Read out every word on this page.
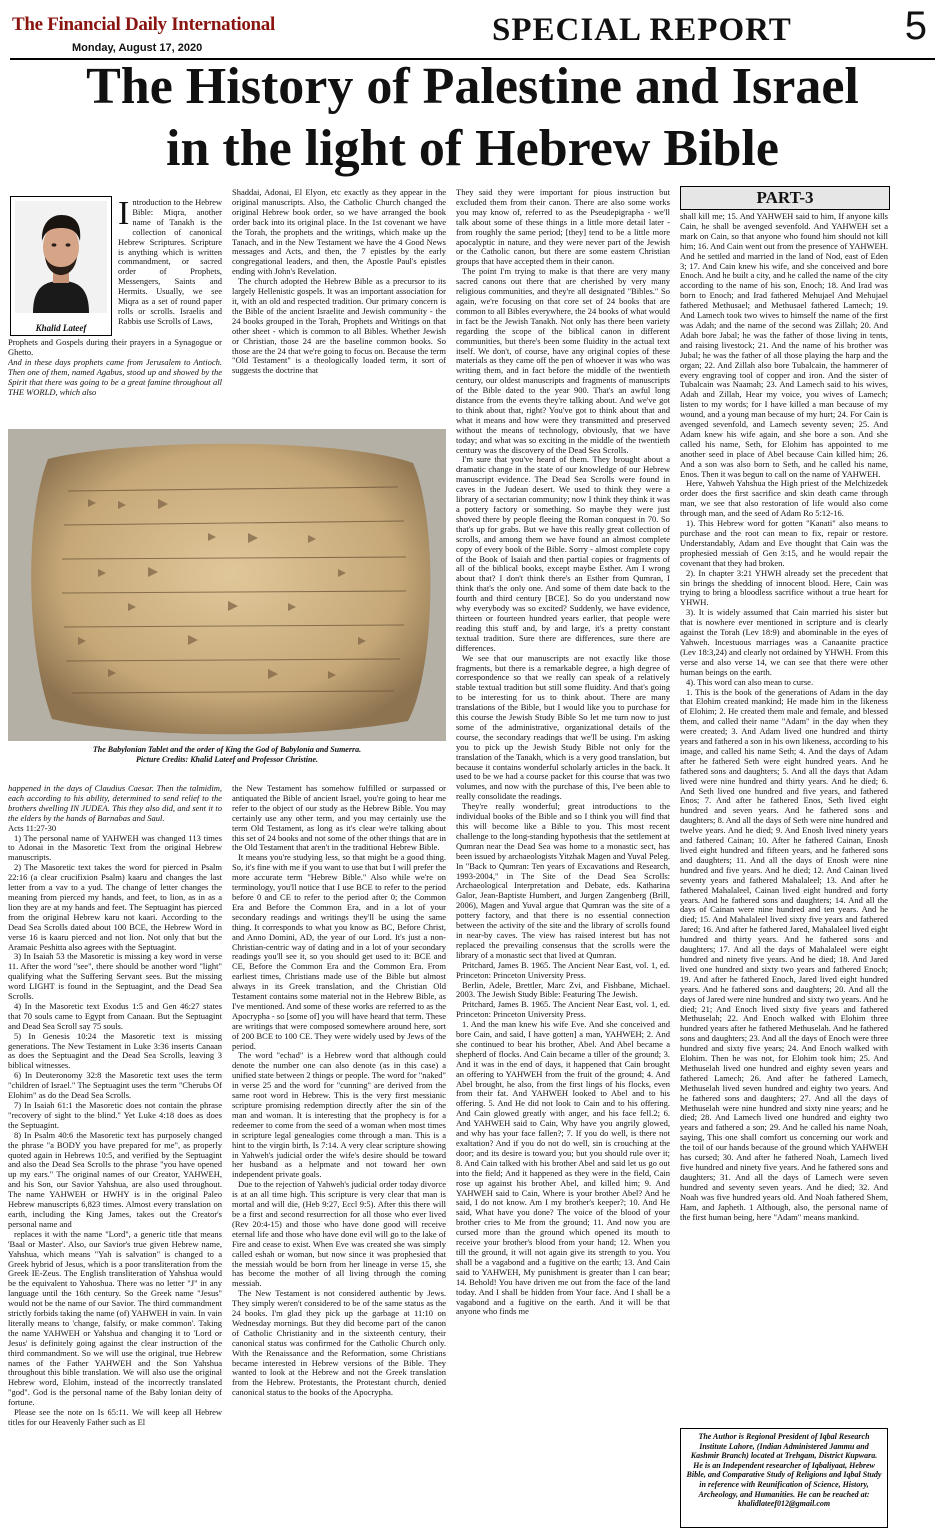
The Financial Daily International
Monday, August 17, 2020	SPECIAL REPORT	5
The History of Palestine and Israel
in the light of Hebrew Bible
Khalid Lateef
Introduction to the Hebrew Bible: Miqra, another name of Tanakh is the collection of canonical Hebrew Scriptures. Scripture is anything which is written commandment, or sacred order of Prophets, Messengers, Saints and Hermits. Usually, we see Miqra as a set of round paper rolls or scrolls. Israelis and Rabbis use Scrolls of Laws,

Prophets and Gospels during their prayers in a Synagogue or Ghetto.

And in these days prophets came from Jerusalem to Antioch. Then one of them, named Agabus, stood up and showed by the Spirit that there was going to be a great famine throughout all THE WORLD, which also

Shaddai, Adonai, El Elyon, etc exactly as they appear in the original manuscripts. Also, the Catholic Church changed the original Hebrew book order, so we have arranged the book order back into its original place. In the 1st covenant we have the Torah, the prophets and the writings, which make up the Tanach, and in the New Testament we have the 4 Good News messages and Acts, and then, the 7 epistles by the early congregational leaders, and then, the Apostle Paul's epistles ending with John's Revelation.

The church adopted the Hebrew Bible as a precursor to its largely Hellenistic gospels. It was an important association for it, with an old and respected tradition. Our primary concern is the Bible of the ancient Israelite and Jewish community - the 24 books grouped in the Torah, Prophets and Writings on that other sheet - which is common to all Bibles. Whether Jewish or Christian, those 24 are the baseline common books. So those are the 24 that we're going to focus on. Because the term "Old Testament" is a theologically loaded term, it sort of suggests the doctrine that

The Babylonian Tablet and the order of King the God of Babylonia and Sumerra.
Picture Credits: Khalid Lateef and Professor Christine.

happened in the days of Claudius Caesar. Then the talmidim, each according to his ability, determined to send relief to the brothers dwelling IN JUDEA. This they also did, and sent it to the elders by the hands of Barnabas and Saul.

Acts 11:27-30

1) The personal name of YAHWEH was changed 113 times to Adonai in the Masoretic Text from the original Hebrew manuscripts.

2) The Masoretic text takes the word for pierced in Psalm 22:16 (a clear crucifixion Psalm) kaaru and changes the last letter from a vav to a yud. The change of letter changes the meaning from pierced my hands, and feet, to lion, as in as a lion they are at my hands and feet. The Septuagint has pierced from the original Hebrew karu not kaari. According to the Dead Sea Scrolls dated about 100 BCE, the Hebrew Word in verse 16 is kaaru pierced and not lion. Not only that but the Aramaic Peshitta also agrees with the Septuagint.

3) In Isaiah 53 the Masoretic is missing a key word in verse 11. After the word "see", there should be another word "light" qualifying what the Suffering Servant sees. But the missing word LIGHT is found in the Septuagint, and the Dead Sea Scrolls.

4) In the Masoretic text Exodus 1:5 and Gen 46:27 states that 70 souls came to Egypt from Canaan. But the Septuagint and Dead Sea Scroll say 75 souls.

5) In Genesis 10:24 the Masoretic text is missing generations. The New Testament in Luke 3:36 inserts Canaan as does the Septuagint and the Dead Sea Scrolls, leaving 3 biblical witnesses.

6) In Deuteronomy 32:8 the Masoretic text uses the term "children of Israel." The Septuagint uses the term "Cherubs Of Elohim" as do the Dead Sea Scrolls.

7) In Isaiah 61:1 the Masoretic does not contain the phrase "recovery of sight to the blind." Yet Luke 4:18 does as does the Septuagint.

8) In Psalm 40:6 the Masoretic text has purposely changed the phrase "a BODY you have prepared for me", as properly quoted again in Hebrews 10:5, and verified by the Septuagint and also the Dead Sea Scrolls to the phrase "you have opened up my ears." The original names of our Creator, YAHWEH, and his Son, our Savior Yahshua, are also used throughout. The name YAHWEH or HWHY is in the original Paleo Hebrew manuscripts 6,823 times. Almost every translation on earth, including the King James, takes out the Creator's personal name and

replaces it with the name "Lord", a generic title that means 'Baal or Master'. Also, our Savior's true given Hebrew name, Yahshua, which means "Yah is salvation" is changed to a Greek hybrid of Jesus, which is a poor transliteration from the Greek IE-Zeus. The English transliteration of Yahshua would be the equivalent to Yahoshua. There was no letter "J" in any language until the 16th century. So the Greek name "Jesus" would not be the name of our Savior. The third commandment strictly forbids taking the name (of) YAHWEH in vain. In vain literally means to 'change, falsify, or make common'. Taking the name YAHWEH or Yahshua and changing it to 'Lord or Jesus' is definitely going against the clear instruction of the third commandment. So we will use the original, true Hebrew names of the Father YAHWEH and the Son Yahshua throughout this bible translation. We will also use the original Hebrew word, Elohim, instead of the incorrectly translated "god". God is the personal name of the Baby lonian deity of fortune.

Please see the note on Is 65:11. We will keep all Hebrew titles for our Heavenly Father such as El

the New Testament has somehow fulfilled or surpassed or antiquated the Bible of ancient Israel, you're going to hear me refer to the object of our study as the Hebrew Bible. You may certainly use any other term, and you may certainly use the term Old Testament, as long as it's clear we're talking about this set of 24 books and not some of the other things that are in the Old Testament that aren't in the traditional Hebrew Bible.

It means you're studying less, so that might be a good thing. So, it's fine with me if you want to use that but I will prefer the more accurate term "Hebrew Bible." Also while we're on terminology, you'll notice that I use BCE to refer to the period before 0 and CE to refer to the period after 0; the Common Era and Before the Common Era, and in a lot of your secondary readings and writings they'll be using the same thing. It corresponds to what you know as BC, Before Christ, and Anno Domini, AD, the year of our Lord. It's just a non-Christian-centric way of dating and in a lot of your secondary readings you'll see it, so you should get used to it: BCE and CE, Before the Common Era and the Common Era. From earliest times, Christians made use of the Bible but almost always in its Greek translation, and the Christian Old Testament contains some material not in the Hebrew Bible, as I've mentioned. And some of these works are referred to as the Apocrypha - so [some of] you will have heard that term. These are writings that were composed somewhere around here, sort of 200 BCE to 100 CE. They were widely used by Jews of the period.

The word "echad" is a Hebrew word that although could denote the number one can also denote (as in this case) a unified state between 2 things or people. The word for "naked" in verse 25 and the word for "cunning" are derived from the same root word in Hebrew. This is the very first messianic scripture promising redemption directly after the sin of the man and woman. It is interesting that the prophecy is for a redeemer to come from the seed of a woman when most times in scripture legal genealogies come through a man. This is a hint to the virgin birth, Is 7:14. A very clear scripture showing in Yahweh's judicial order the wife's desire should be toward her husband as a helpmate and not toward her own independent private goals.

Due to the rejection of Yahweh's judicial order today divorce is at an all time high. This scripture is very clear that man is mortal and will die, (Heb 9:27, Eccl 9:5). After this there will be a first and second resurrection for all those who ever lived (Rev 20:4-15) and those who have done good will receive eternal life and those who have done evil will go to the lake of Fire and cease to exist. When Eve was created she was simply called eshah or woman, but now since it was prophesied that the messiah would be born from her lineage in verse 15, she has become the mother of all living through the coming messiah.

The New Testament is not considered authentic by Jews. They simply weren't considered to be of the same status as the 24 books. I'm glad they pick up the garbage at 11:10 on Wednesday mornings. But they did become part of the canon of Catholic Christianity and in the sixteenth century, their canonical status was confirmed for the Catholic Church only. With the Renaissance and the Reformation, some Christians became interested in Hebrew versions of the Bible. They wanted to look at the Hebrew and not the Greek translation from the Hebrew. Protestants, the Protestant church, denied canonical status to the books of the Apocrypha.

They said they were important for pious instruction but excluded them from their canon. There are also some works you may know of, referred to as the Pseudepigrapha - we'll talk about some of these things in a little more detail later - from roughly the same period; [they] tend to be a little more apocalyptic in nature, and they were never part of the Jewish or the Catholic canon, but there are some eastern Christian groups that have accepted them in their canon.

The point I'm trying to make is that there are very many sacred canons out there that are cherished by very many religious communities, and they're all designated "Bibles." So again, we're focusing on that core set of 24 books that are common to all Bibles everywhere, the 24 books of what would in fact be the Jewish Tanakh. Not only has there been variety regarding the scope of the biblical canon in different communities, but there's been some fluidity in the actual text itself. We don't, of course, have any original copies of these materials as they came off the pen of whoever it was who was writing them, and in fact before the middle of the twentieth century, our oldest manuscripts and fragments of manuscripts of the Bible dated to the year 900. That's an awful long distance from the events they're talking about. And we've got to think about that, right? You've got to think about that and what it means and how were they transmitted and preserved without the means of technology, obviously, that we have today; and what was so exciting in the middle of the twentieth century was the discovery of the Dead Sea Scrolls.

I'm sure that you've heard of them. They brought about a dramatic change in the state of our knowledge of our Hebrew manuscript evidence. The Dead Sea Scrolls were found in caves in the Judean desert. We used to think they were a library of a sectarian community; now I think they think it was a pottery factory or something. So maybe they were just shoved there by people fleeing the Roman conquest in 70. So that's up for grabs. But we have this really great collection of scrolls, and among them we have found an almost complete copy of every book of the Bible. Sorry - almost complete copy of the Book of Isaiah and then partial copies or fragments of all of the biblical books, except maybe Esther. Am I wrong about that? I don't think there's an Esther from Qumran, I think that's the only one. And some of them date back to the fourth and third century [BCE]. So do you understand now why everybody was so excited? Suddenly, we have evidence, thirteen or fourteen hundred years earlier, that people were reading this stuff and, by and large, it's a pretty constant textual tradition. Sure there are differences, sure there are differences.

We see that our manuscripts are not exactly like those fragments, but there is a remarkable degree, a high degree of correspondence so that we really can speak of a relatively stable textual tradition but still some fluidity. And that's going to be interesting for us to think about. There are many translations of the Bible, but I would like you to purchase for this course the Jewish Study Bible So let me turn now to just some of the administrative, organizational details of the course, the secondary readings that we'll be using. I'm asking you to pick up the Jewish Study Bible not only for the translation of the Tanakh, which is a very good translation, but because it contains wonderful scholarly articles in the back. It used to be we had a course packet for this course that was two volumes, and now with the purchase of this, I've been able to really consolidate the readings.

They're really wonderful; great introductions to the individual books of the Bible and so I think you will find that this will become like a Bible to you. This most recent challenge to the long-standing hypothesis that the settlement at Qumran near the Dead Sea was home to a monastic sect, has been issued by archaeologists Yitzhak Magen and Yuval Peleg. In "Back to Qumran: Ten years of Excavations and Research, 1993-2004," in The Site of the Dead Sea Scrolls: Archaeological Interpretation and Debate, eds. Katharina Galor, Jean-Baptiste Humbert, and Jurgen Zangenberg (Brill, 2006), Magen and Yuval argue that Qumran was the site of a pottery factory, and that there is no essential connection between the activity of the site and the library of scrolls found in near-by caves. The view has raised interest but has not replaced the prevailing consensus that the scrolls were the library of a monastic sect that lived at Qumran.

Pritchard, James B. 1965. The Ancient Near East, vol. 1, ed. Princeton: Princeton University Press.

Berlin, Adele, Brettler, Marc Zvi, and Fishbane, Michael. 2003. The Jewish Study Bible: Featuring The Jewish.

Pritchard, James B. 1965. The Ancient Near East, vol. 1, ed. Princeton: Princeton University Press.

1. And the man knew his wife Eve. And she conceived and bore Cain, and said, I have gotten] a man, YAHWEH; 2. And she continued to bear his brother, Abel. And Abel became a shepherd of flocks. And Cain became a tiller of the ground; 3. And it was in the end of days, it happened that Cain brought an offering to YAHWEH from the fruit of the ground; 4. And Abel brought, he also, from the first lings of his flocks, even from their fat. And YAHWEH looked to Abel and to his offering. 5. And He did not look to Cain and to his offering. And Cain glowed greatly with anger, and his face fell.2; 6. And YAHWEH said to Cain, Why have you angrily glowed, and why has your face fallen?; 7. If you do well, is there not exaltation? And if you do not do well, sin is crouching at the door; and its desire is toward you; but you should rule over it; 8. And Cain talked with his brother Abel and said let us go out into the field; And it happened as they were in the field, Cain rose up against his brother Abel, and killed him; 9. And YAHWEH said to Cain, Where is your brother Abel? And he said, I do not know. Am I my brother's keeper?; 10. And He said, What have you done? The voice of the blood of your brother cries to Me from the ground; 11. And now you are cursed more than the ground which opened its mouth to receive your brother's blood from your hand; 12. When you till the ground, it will not again give its strength to you. You shall be a vagabond and a fugitive on the earth; 13. And Cain said to YAHWEH, My punishment is greater than I can bear; 14. Behold! You have driven me out from the face of the land today. And I shall be hidden from Your face. And I shall be a vagabond and a fugitive on the earth. And it will be that anyone who finds me

PART-3

shall kill me; 15. And YAHWEH said to him, If anyone kills Cain, he shall be avenged sevenfold. And YAHWEH set a mark on Cain, so that anyone who found him should not kill him; 16. And Cain went out from the presence of YAHWEH. And he settled and married in the land of Nod, east of Eden 3; 17. And Cain knew his wife, and she conceived and bore Enoch. And he built a city, and he called the name of the city according to the name of his son, Enoch; 18. And Irad was born to Enoch; and Irad fathered Mehujael And Mehujael fathered Methusael; and Methusael fathered Lamech; 19. And Lamech took two wives to himself the name of the first was Adah; and the name of the second was Zillah; 20. And Adah bore Jabal; he was the father of those living in tents, and raising livestock; 21. And the name of his brother was Jubal; he was the father of all those playing the harp and the organ; 22. And Zillah also bore Tubalcain, the hammerer of every engraving tool of copper and iron. And the sister of Tubalcain was Naamah; 23. And Lamech said to his wives, Adah and Zillah, Hear my voice, you wives of Lamech; listen to my words; for I have killed a man because of my wound, and a young man because of my hurt; 24. For Cain is avenged sevenfold, and Lamech seventy seven; 25. And Adam knew his wife again, and she bore a son. And she called his name, Seth, for Elohim has appointed to me another seed in place of Abel because Cain killed him; 26. And a son was also born to Seth, and he called his name, Enos. Then it was begun to call on the name of YAHWEH.

Here, Yahweh Yahshua the High priest of the Melchizedek order does the first sacrifice and skin death came through man, we see that also restoration of life would also come through man, and the seed of Adam Ro 5:12-16.

1). This Hebrew word for gotten "Kanati" also means to purchase and the root can mean to fix, repair or restore. Understandably, Adam and Eve thought that Cain was the prophesied messiah of Gen 3:15, and he would repair the covenant that they had broken.

2). In chapter 3:21 YHWH already set the precedent that sin brings the shedding of innocent blood. Here, Cain was trying to bring a bloodless sacrifice without a true heart for YHWH.

3). It is widely assumed that Cain married his sister but that is nowhere ever mentioned in scripture and is clearly against the Torah (Lev 18:9) and abominable in the eyes of Yahweh. Incestuous marriages was a Canaanite practice (Lev 18:3,24) and clearly not ordained by YHWH. From this verse and also verse 14, we can see that there were other human beings on the earth.

4). This word can also mean to curse.

1. This is the book of the generations of Adam in the day that Elohim created mankind; He made him in the likeness of Elohim; 2. He created them male and female, and blessed them, and called their name "Adam" in the day when they were created; 3. And Adam lived one hundred and thirty years and fathered a son in his own likeness, according to his image, and called his name Seth; 4. And the days of Adam after he fathered Seth were eight hundred years. And he fathered sons and daughters; 5. And all the days that Adam lived were nine hundred and thirty years. And he died; 6. And Seth lived one hundred and five years, and fathered Enos; 7. And after he fathered Enos, Seth lived eight hundred and seven years. And he fathered sons and daughters; 8. And all the days of Seth were nine hundred and twelve years. And he died; 9. And Enosh lived ninety years and fathered Cainan; 10. After he fathered Cainan, Enosh lived eight hundred and fifteen years, and he fathered sons and daughters; 11. And all the days of Enosh were nine hundred and five years. And he died; 12. And Cainan lived seventy years and fathered Mahalaleel; 13. And after he fathered Mahalaleel, Cainan lived eight hundred and forty years. And he fathered sons and daughters; 14. And all the days of Cainan were nine hundred and ten years. And he died; 15. And Mahalaleel lived sixty five years and fathered Jared; 16. And after he fathered Jared, Mahalaleel lived eight hundred and thirty years. And he fathered sons and daughters; 17. And all the days of Mahalaleel were eight hundred and ninety five years. And he died; 18. And Jared lived one hundred and sixty two years and fathered Enoch; 19. And after he fathered Enoch, Jared lived eight hundred years. And he fathered sons and daughters; 20. And all the days of Jared were nine hundred and sixty two years. And he died; 21; And Enoch lived sixty five years and fathered Methuselah; 22. And Enoch walked with Elohim three hundred years after he fathered Methuselah. And he fathered sons and daughters; 23. And all the days of Enoch were three hundred and sixty five years; 24. And Enoch walked with Elohim. Then he was not, for Elohim took him; 25. And Methuselah lived one hundred and eighty seven years and fathered Lamech; 26. And after he fathered Lamech, Methuselah lived seven hundred and eighty two years. And he fathered sons and daughters; 27. And all the days of Methuselah were nine hundred and sixty nine years; and he died; 28. And Lamech lived one hundred and eighty two years and fathered a son; 29. And he called his name Noah, saying, This one shall comfort us concerning our work and the toil of our hands because of the ground which YAHWEH has cursed; 30. And after he fathered Noah, Lamech lived five hundred and ninety five years. And he fathered sons and daughters; 31. And all the days of Lamech were seven hundred and seventy seven years. And he died; 32. And Noah was five hundred years old. And Noah fathered Shem, Ham, and Japheth. 1 Although, also, the personal name of the first human being, here "Adam" means mankind.

The Author is Regional President of Iqbal Research Institute Lahore, (Indian Administered Jammu and Kashmir Branch) located at Trehgam, District Kupwara. He is an Independent researcher of Iqbaliyaat, Hebrew Bible, and Comparative Study of Religions and Iqbal Study in reference with Reunification of Science, History, Archeology, and Humanities. He can be reached at:
khalidlateef012@gmail.com
